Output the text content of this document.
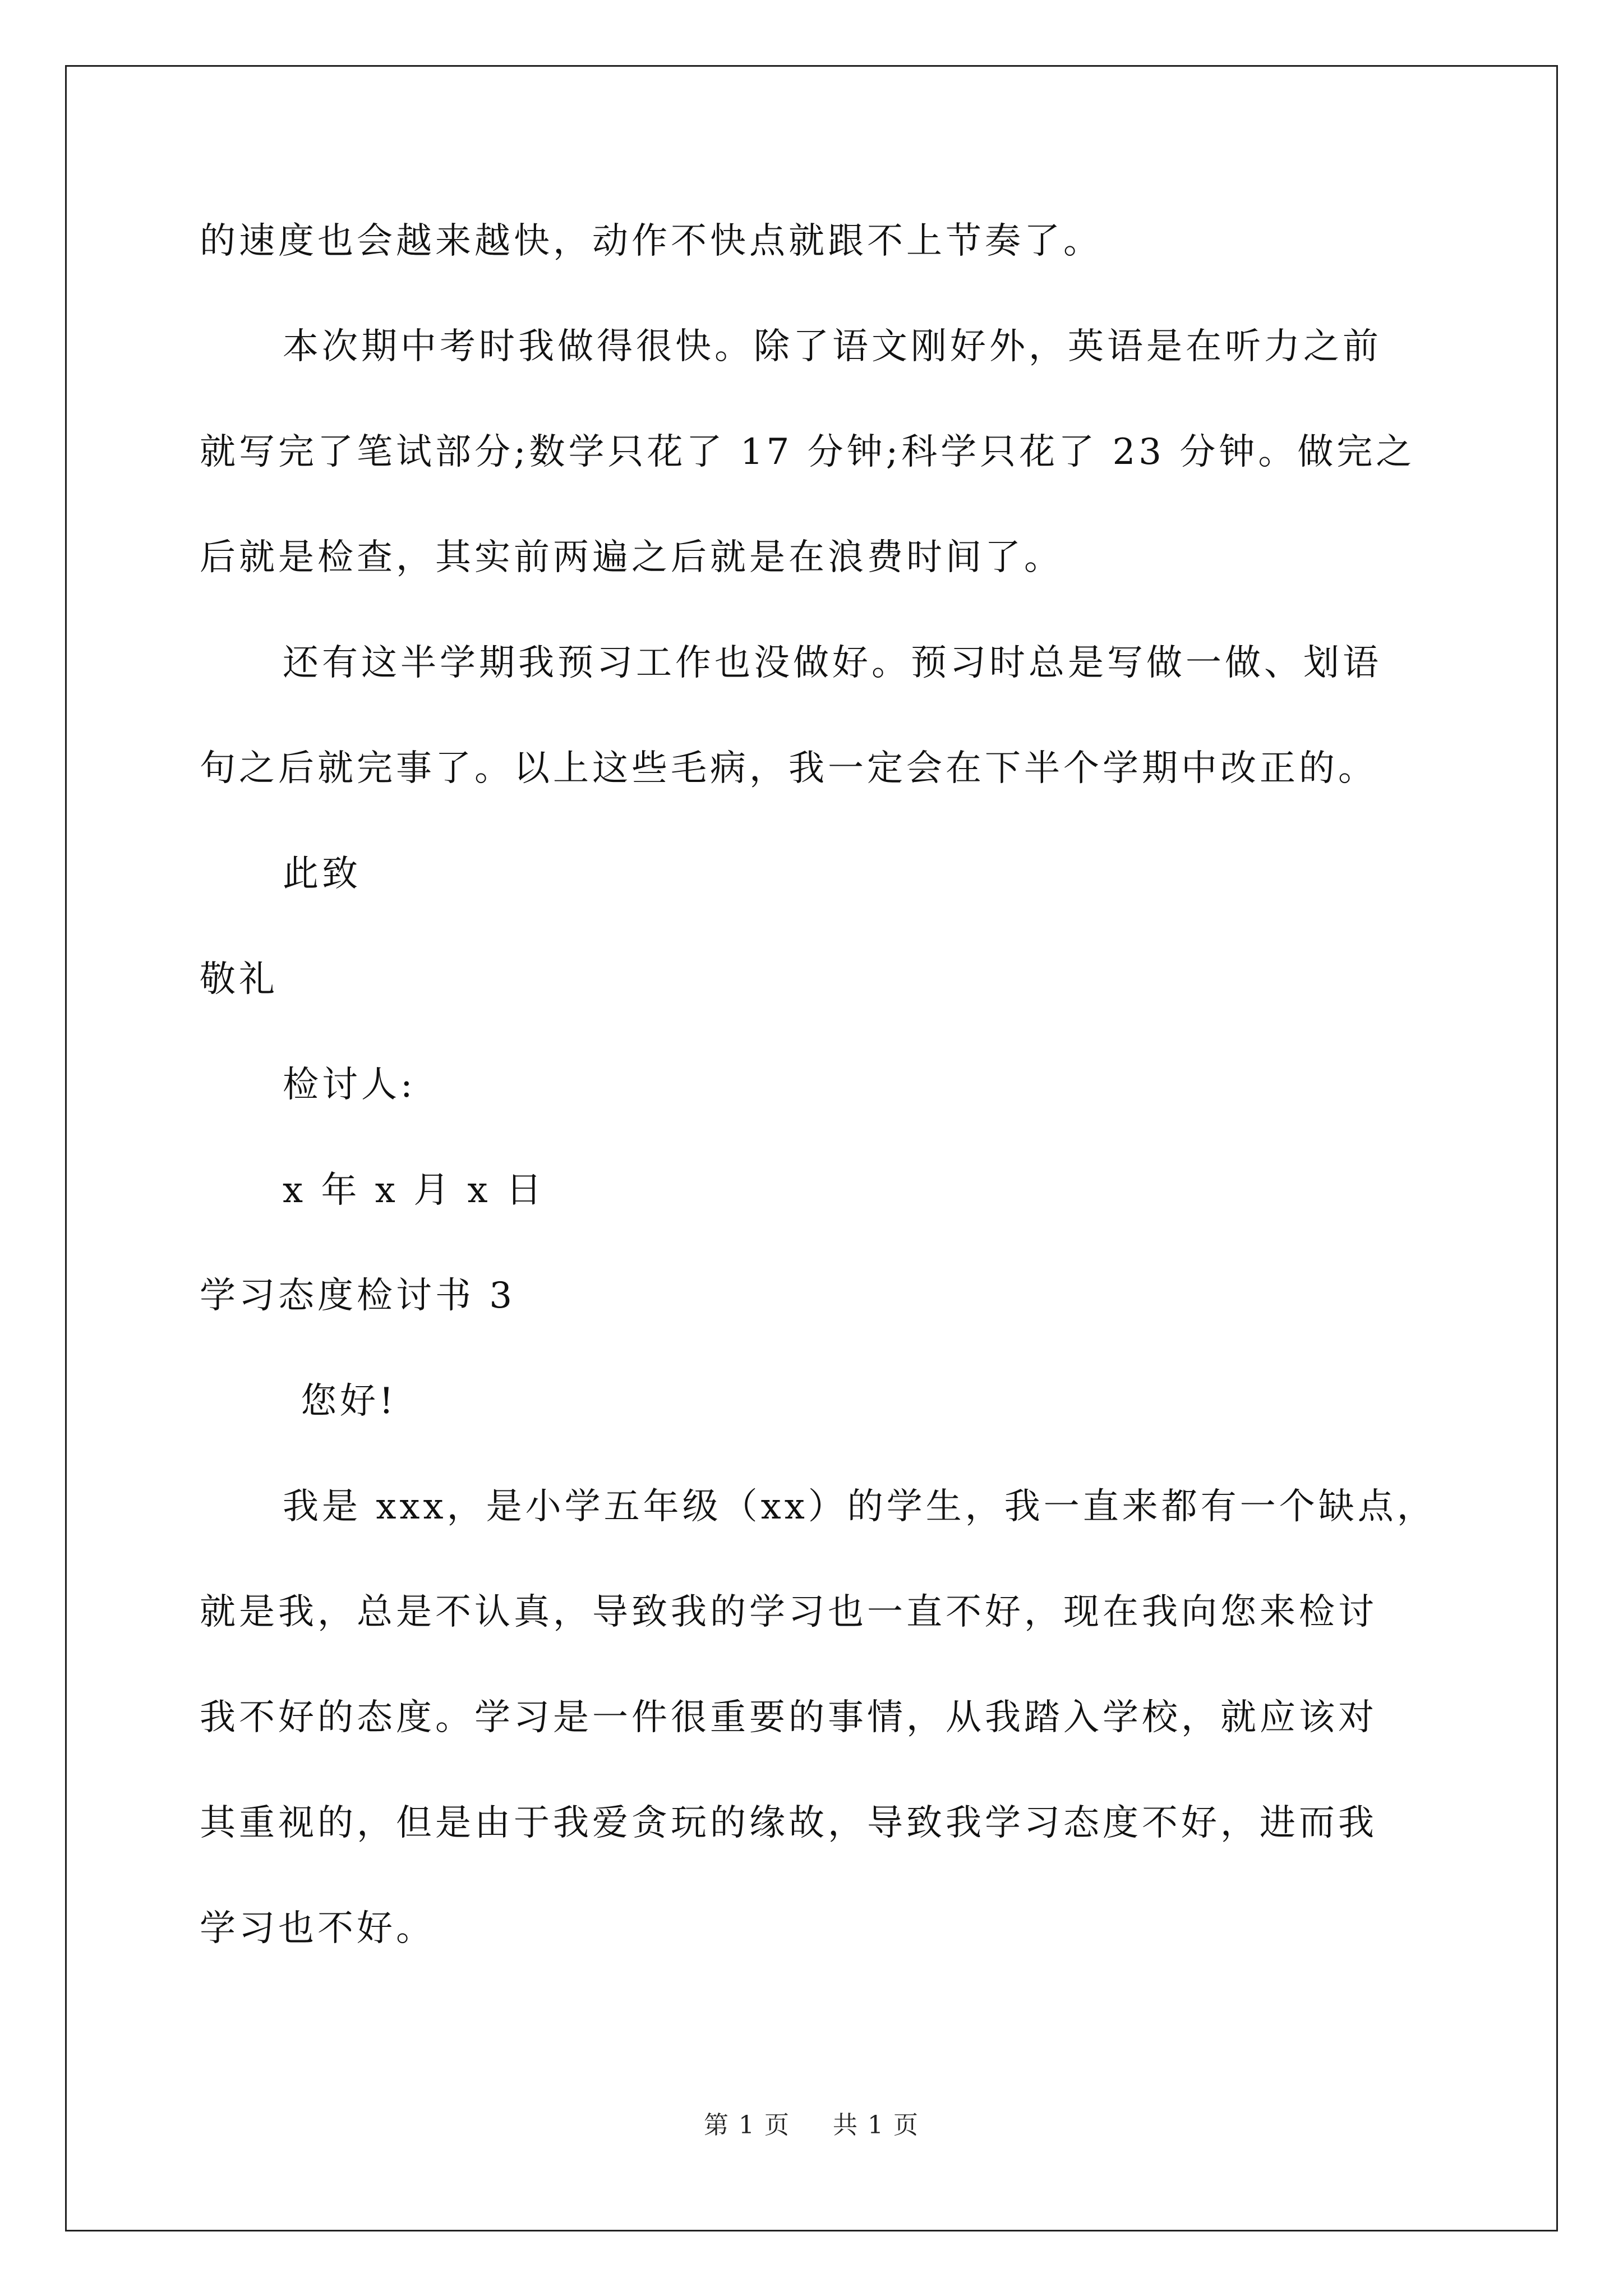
的速度也会越来越快，动作不快点就跟不上节奏了。
本次期中考时我做得很快。除了语文刚好外，英语是在听力之前
就写完了笔试部分;数学只花了 17 分钟;科学只花了 23 分钟。做完之
后就是检查，其实前两遍之后就是在浪费时间了。
还有这半学期我预习工作也没做好。预习时总是写做一做、划语
句之后就完事了。以上这些毛病，我一定会在下半个学期中改正的。
此致
敬礼
检讨人:
x 年 x 月 x 日
学习态度检讨书 3
您好!
我是 xxx，是小学五年级（xx）的学生，我一直来都有一个缺点，
就是我，总是不认真，导致我的学习也一直不好，现在我向您来检讨
我不好的态度。学习是一件很重要的事情，从我踏入学校，就应该对
其重视的，但是由于我爱贪玩的缘故，导致我学习态度不好，进而我
学习也不好。
第 1 页 共 1 页
